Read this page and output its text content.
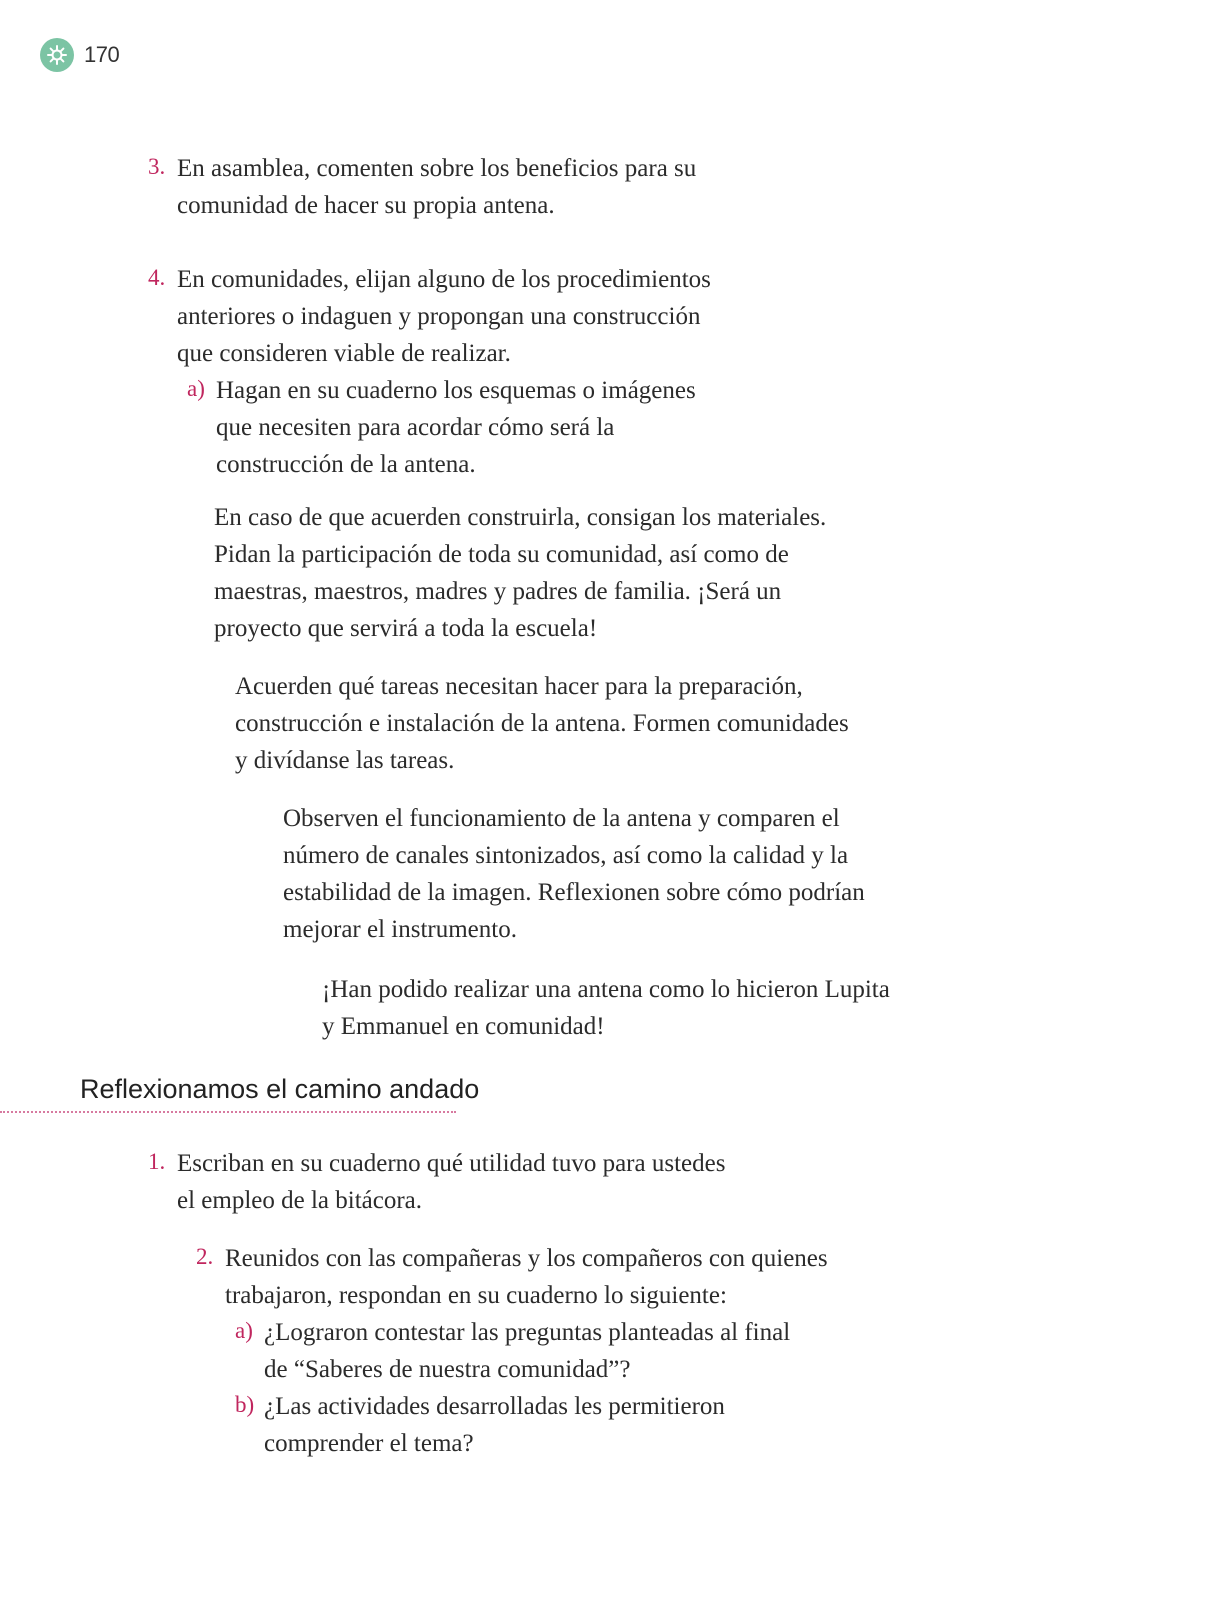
170
3. En asamblea, comenten sobre los beneficios para su
comunidad de hacer su propia antena.
4. En comunidades, elijan alguno de los procedimientos
anteriores o indaguen y propongan una construcción
que consideren viable de realizar.
a) Hagan en su cuaderno los esquemas o imágenes
que necesiten para acordar cómo será la
construcción de la antena.
En caso de que acuerden construirla, consigan los materiales.
Pidan la participación de toda su comunidad, así como de
maestras, maestros, madres y padres de familia. ¡Será un
proyecto que servirá a toda la escuela!
Acuerden qué tareas necesitan hacer para la preparación,
construcción e instalación de la antena. Formen comunidades
y divídanse las tareas.
Observen el funcionamiento de la antena y comparen el
número de canales sintonizados, así como la calidad y la
estabilidad de la imagen. Reflexionen sobre cómo podrían
mejorar el instrumento.
¡Han podido realizar una antena como lo hicieron Lupita
y Emmanuel en comunidad!
Reflexionamos el camino andado
1. Escriban en su cuaderno qué utilidad tuvo para ustedes
el empleo de la bitácora.
2. Reunidos con las compañeras y los compañeros con quienes
trabajaron, respondan en su cuaderno lo siguiente:
a) ¿Lograron contestar las preguntas planteadas al final
de “Saberes de nuestra comunidad”?
b) ¿Las actividades desarrolladas les permitieron
comprender el tema?
